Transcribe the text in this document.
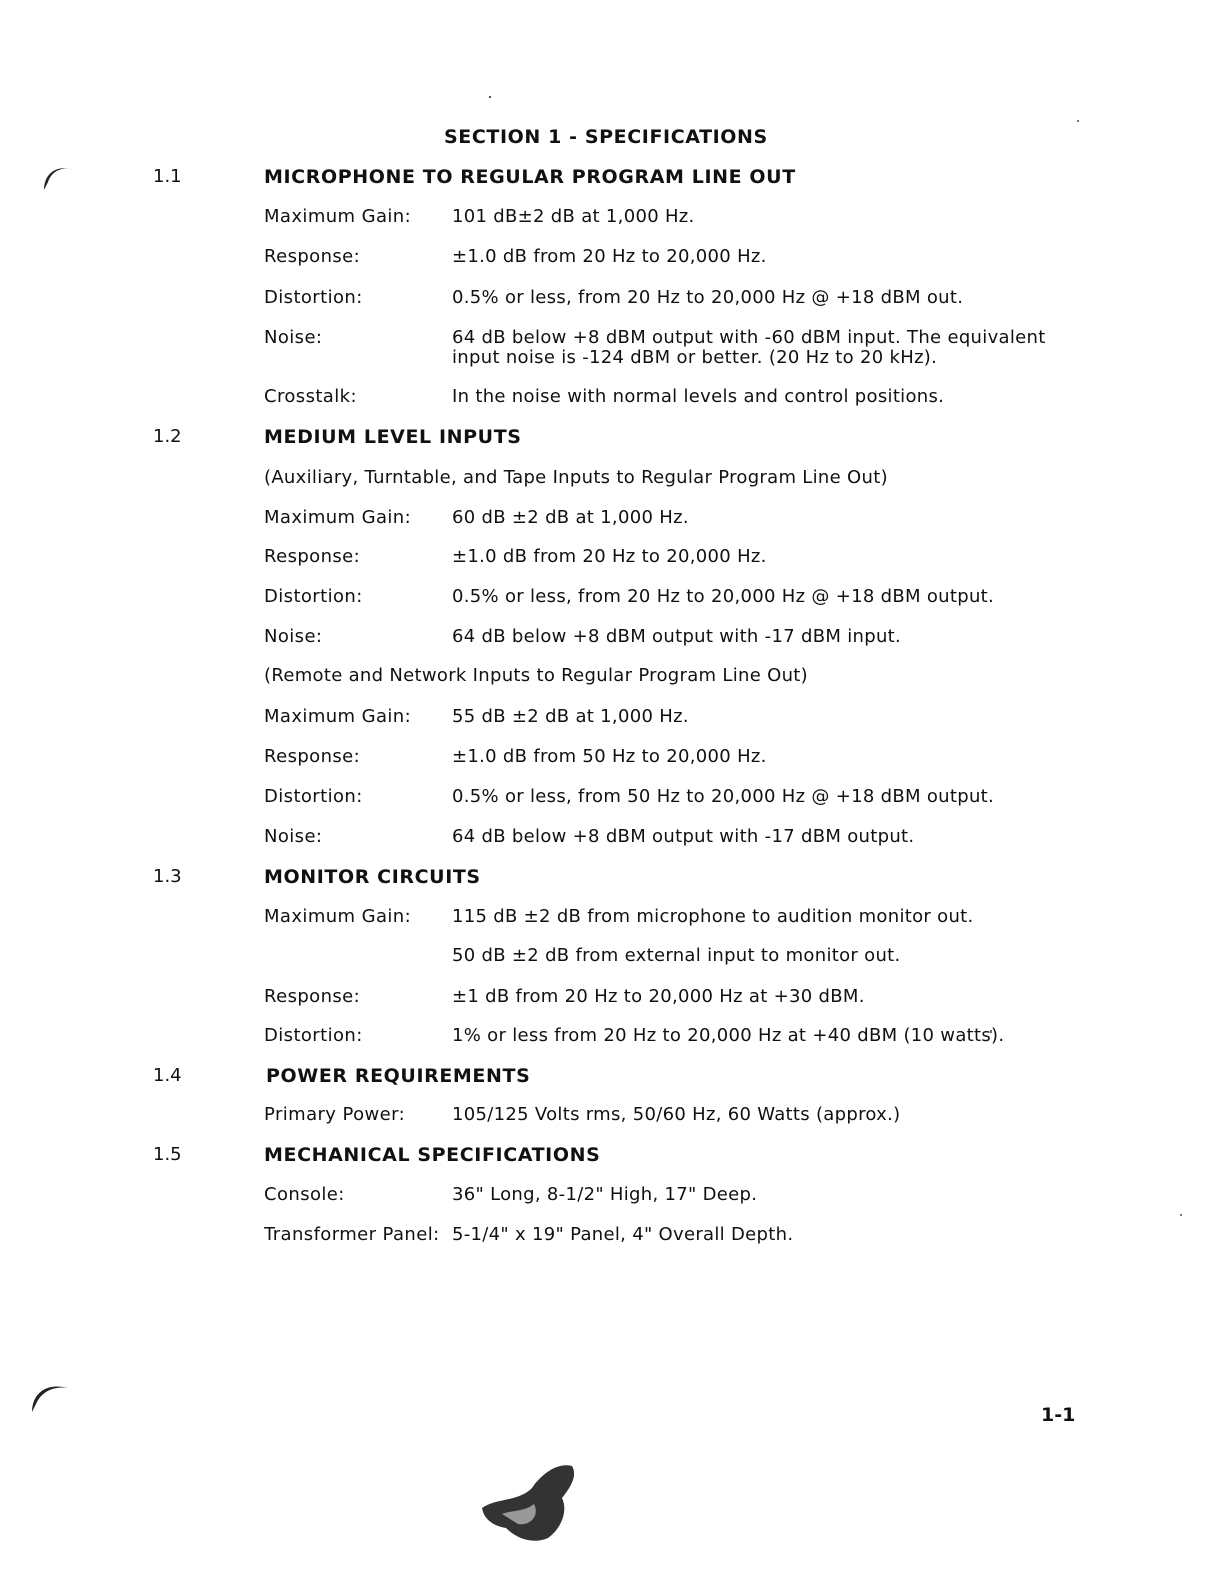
SECTION 1 - SPECIFICATIONS
1.1	MICROPHONE TO REGULAR PROGRAM LINE OUT
Maximum Gain: 101 dB±2 dB at 1,000 Hz.
Response:	±1.0 dB from 20 Hz to 20,000 Hz.
Distortion:	0.5% or less, from 20 Hz to 20,000 Hz @ +18 dBM out.
Noise:	64 dB below +8 dBM output with -60 dBM input. The equivalent
input noise is -124 dBM or better. (20 Hz to 20 kHz).
Crosstalk:	In the noise with normal levels and control positions.
1.2	MEDIUM LEVEL INPUTS
(Auxiliary, Turntable, and Tape Inputs to Regular Program Line Out)
Maximum Gain: 60 dB ±2 dB at 1,000 Hz.
Response:	±1.0 dB from 20 Hz to 20,000 Hz.
Distortion:	0.5% or less, from 20 Hz to 20,000 Hz @ +18 dBM output.
Noise:	64 dB below +8 dBM output with -17 dBM input.
(Remote and Network Inputs to Regular Program Line Out)
Maximum Gain: 55 dB ±2 dB at 1,000 Hz.
Response:	±1.0 dB from 50 Hz to 20,000 Hz.
Distortion:	0.5% or less, from 50 Hz to 20,000 Hz @ +18 dBM output.
Noise:	64 dB below +8 dBM output with -17 dBM output.
1.3	MONITOR CIRCUITS
Maximum Gain: 115 dB ±2 dB from microphone to audition monitor out.
50 dB ±2 dB from external input to monitor out.
Response:	±1 dB from 20 Hz to 20,000 Hz at +30 dBM.
Distortion:	1% or less from 20 Hz to 20,000 Hz at +40 dBM (10 watts).
1.4	POWER REQUIREMENTS
Primary Power:	105/125 Volts rms, 50/60 Hz, 60 Watts (approx.)
1.5	MECHANICAL SPECIFICATIONS
Console:	36" Long, 8-1/2" High, 17" Deep.
Transformer Panel: 5-1/4" x 19" Panel, 4" Overall Depth.
1-1
